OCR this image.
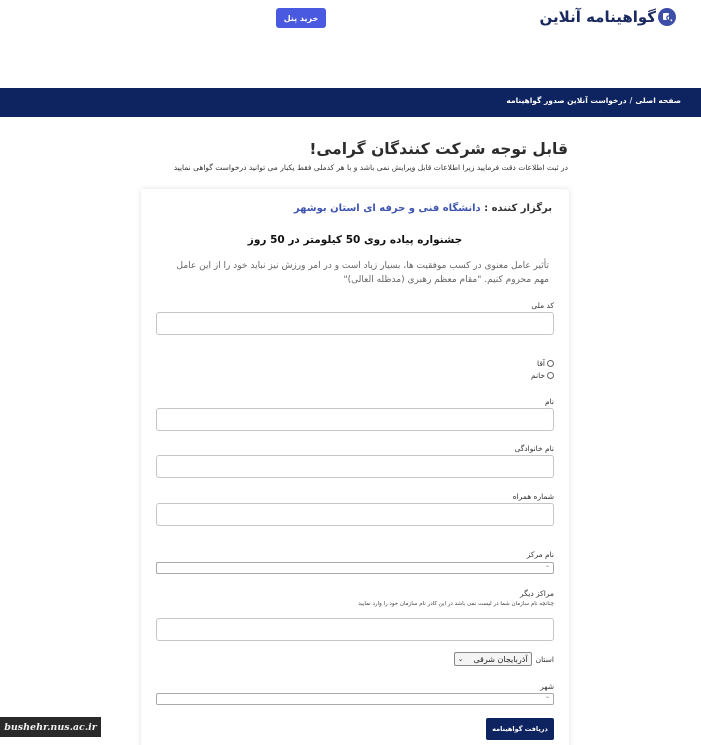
گواهینامه آنلاین
خرید پنل
صفحه اصلی
/
درخواست آنلاین صدور گواهینامه
قابل توجه شرکت کنندگان گرامی!
در ثبت اطلاعات دقت فرمایید زیرا اطلاعات قابل ویرایش نمی باشد و با هر کدملی فقط یکبار می توانید درخواست گواهی نمایید
برگزار کننده : دانشگاه فنی و حرفه ای استان بوشهر
جشنواره پیاده روی 50 کیلومتر در 50 روز
تأثیر عامل معنوی در کسب موفقیت ها، بسیار زیاد است و در امر ورزش نیز نباید خود را از این عامل مهم محروم کنیم. "مقام معظم رهبری (مدظله العالی)"
کد ملی
آقا
خانم
نام
نام خانوادگی
شماره همراه
نام مرکز
⌄
مراکز دیگر
چنانچه نام سازمان شما در لیست نمی باشد در این کادر نام سازمان خود را وارد نمایید
استان
آذربایجان شرقی
⌄
شهر
⌄
دریافت گواهینامه
bushehr.nus.ac.ir
